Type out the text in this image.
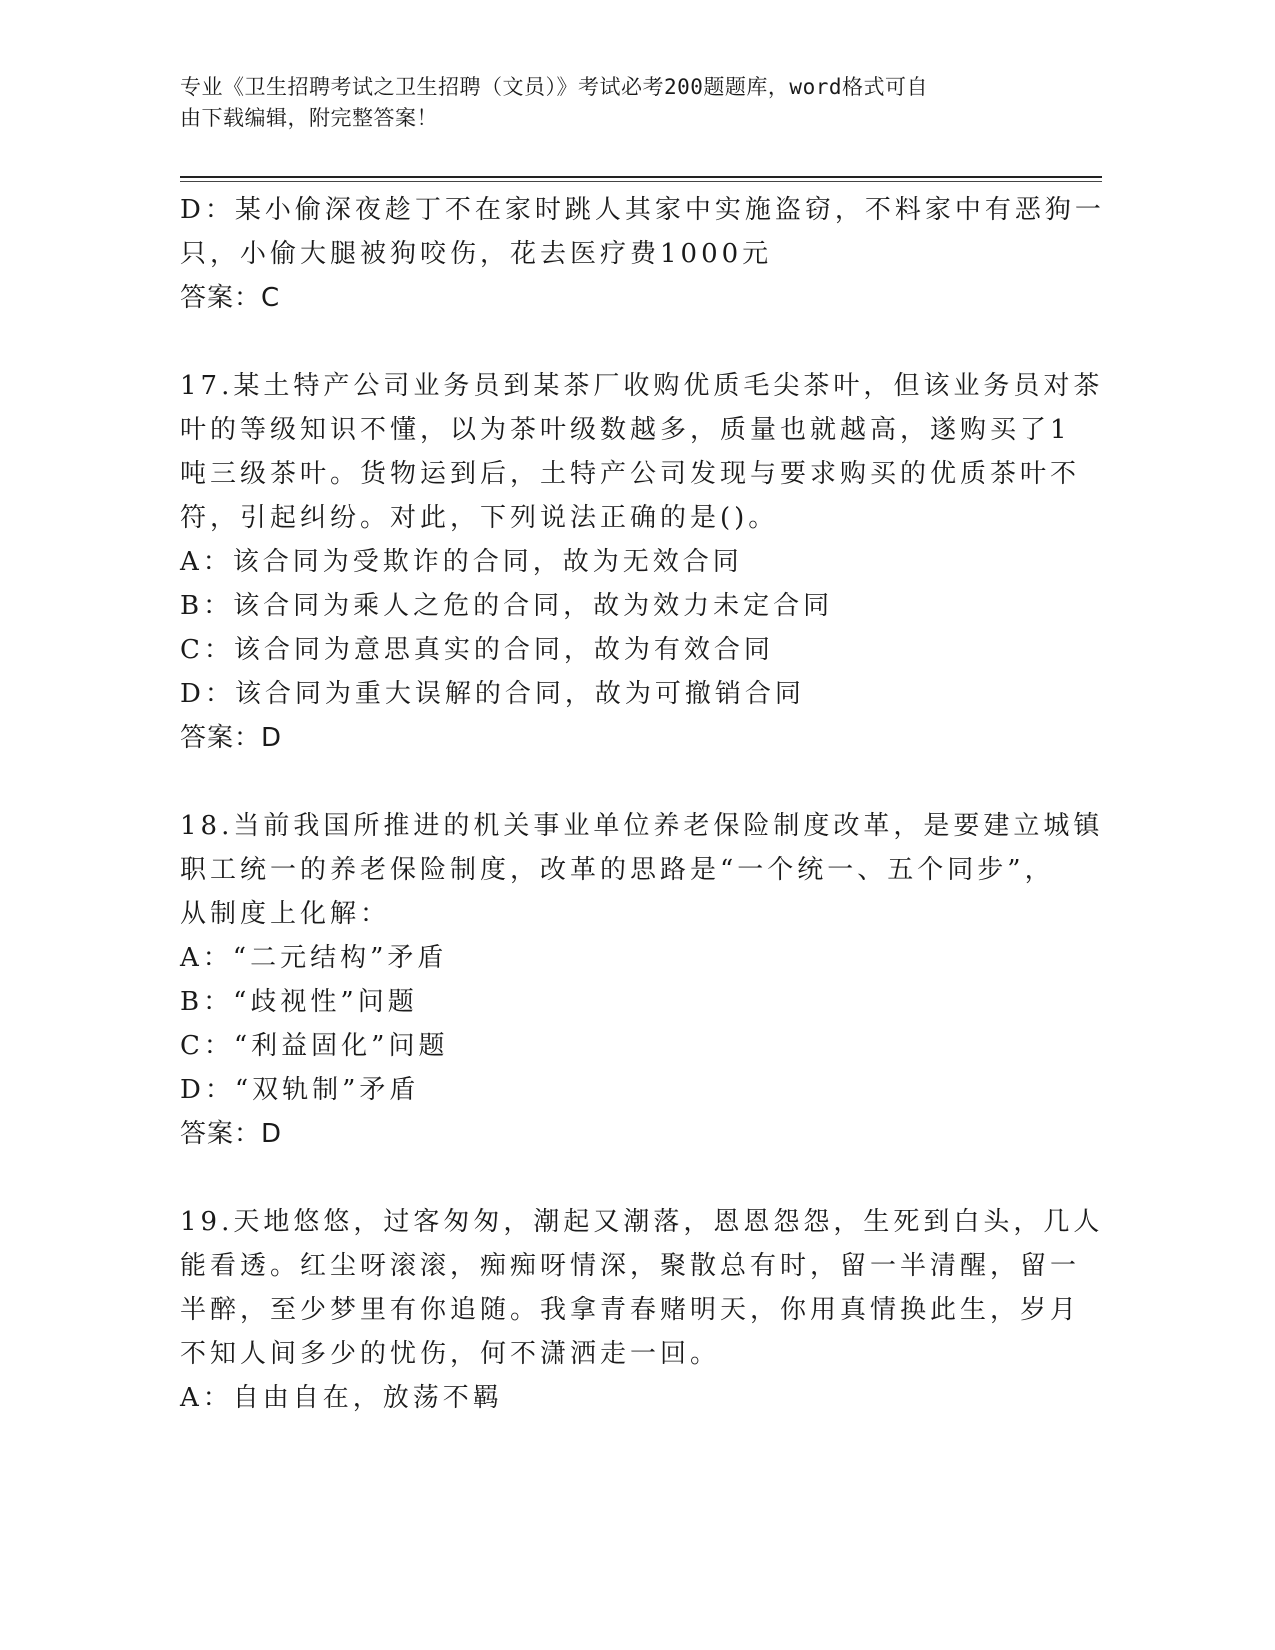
专业《卫生招聘考试之卫生招聘（文员）》考试必考200题题库，word格式可自
由下载编辑，附完整答案！
D：某小偷深夜趁丁不在家时跳人其家中实施盗窃，不料家中有恶狗一
只，小偷大腿被狗咬伤，花去医疗费1000元
答案：C
17.某土特产公司业务员到某茶厂收购优质毛尖茶叶，但该业务员对茶
叶的等级知识不懂，以为茶叶级数越多，质量也就越高，遂购买了1
吨三级茶叶。货物运到后，土特产公司发现与要求购买的优质茶叶不
符，引起纠纷。对此，下列说法正确的是()。
A：该合同为受欺诈的合同，故为无效合同
B：该合同为乘人之危的合同，故为效力未定合同
C：该合同为意思真实的合同，故为有效合同
D：该合同为重大误解的合同，故为可撤销合同
答案：D
18.当前我国所推进的机关事业单位养老保险制度改革，是要建立城镇
职工统一的养老保险制度，改革的思路是“一个统一、五个同步”，
从制度上化解：
A：“二元结构”矛盾
B：“歧视性”问题
C：“利益固化”问题
D：“双轨制”矛盾
答案：D
19.天地悠悠，过客匆匆，潮起又潮落，恩恩怨怨，生死到白头，几人
能看透。红尘呀滚滚，痴痴呀情深，聚散总有时，留一半清醒，留一
半醉，至少梦里有你追随。我拿青春赌明天，你用真情换此生，岁月
不知人间多少的忧伤，何不潇洒走一回。
A：自由自在，放荡不羁
